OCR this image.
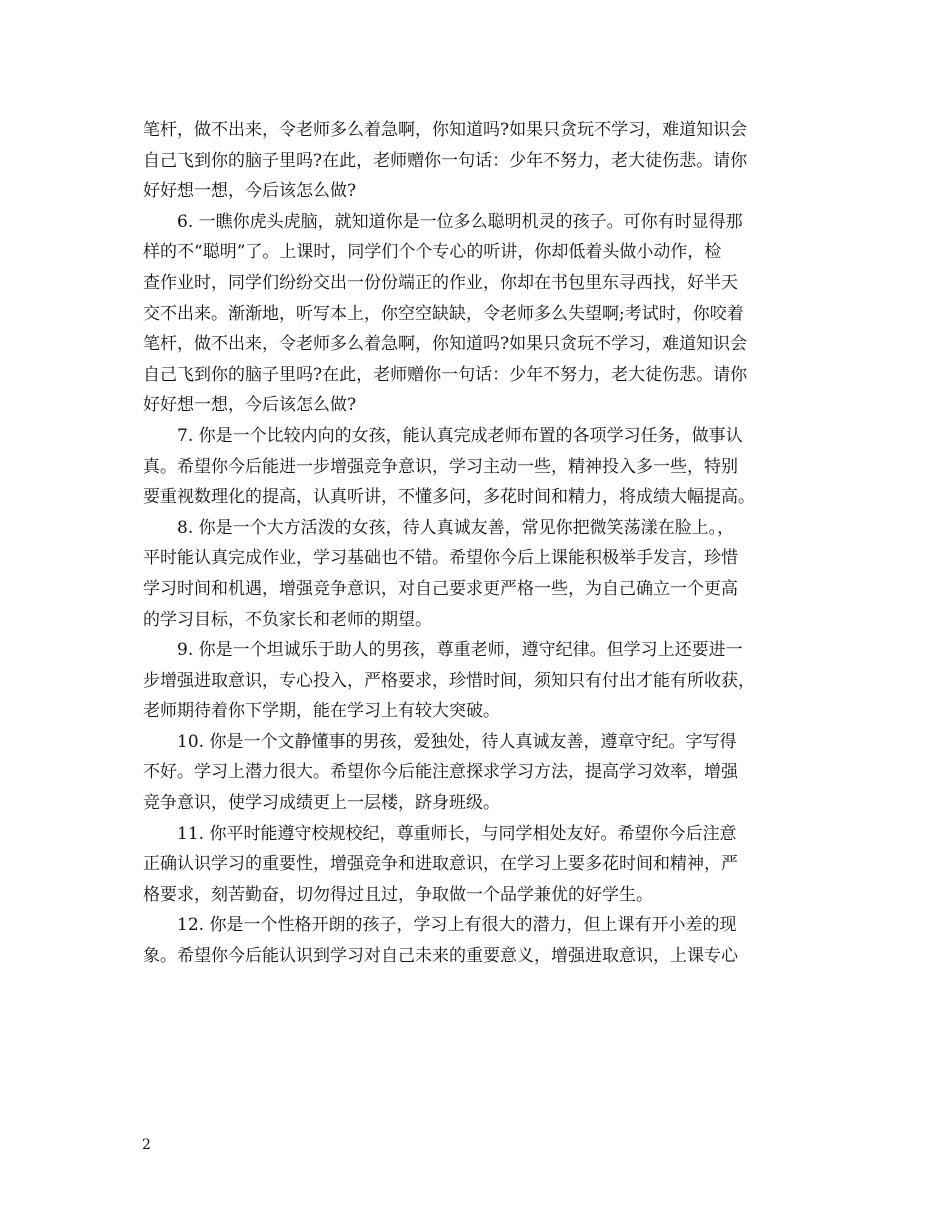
笔杆，做不出来，令老师多么着急啊，你知道吗?如果只贪玩不学习，难道知识会
自己飞到你的脑子里吗?在此，老师赠你一句话：少年不努力，老大徒伤悲。请你
好好想一想，今后该怎么做?
6. 一瞧你虎头虎脑，就知道你是一位多么聪明机灵的孩子。可你有时显得那
样的不“聪明”了。上课时，同学们个个专心的听讲，你却低着头做小动作，检
查作业时，同学们纷纷交出一份份端正的作业，你却在书包里东寻西找，好半天
交不出来。渐渐地，听写本上，你空空缺缺，令老师多么失望啊;考试时，你咬着
笔杆，做不出来，令老师多么着急啊，你知道吗?如果只贪玩不学习，难道知识会
自己飞到你的脑子里吗?在此，老师赠你一句话：少年不努力，老大徒伤悲。请你
好好想一想，今后该怎么做?
7. 你是一个比较内向的女孩，能认真完成老师布置的各项学习任务，做事认
真。希望你今后能进一步增强竞争意识，学习主动一些，精神投入多一些，特别
要重视数理化的提高，认真听讲，不懂多问，多花时间和精力，将成绩大幅提高。
8. 你是一个大方活泼的女孩，待人真诚友善，常见你把微笑荡漾在脸上。，
平时能认真完成作业，学习基础也不错。希望你今后上课能积极举手发言，珍惜
学习时间和机遇，增强竞争意识，对自己要求更严格一些，为自己确立一个更高
的学习目标，不负家长和老师的期望。
9. 你是一个坦诚乐于助人的男孩，尊重老师，遵守纪律。但学习上还要进一
步增强进取意识，专心投入，严格要求，珍惜时间，须知只有付出才能有所收获，
老师期待着你下学期，能在学习上有较大突破。
10. 你是一个文静懂事的男孩，爱独处，待人真诚友善，遵章守纪。字写得
不好。学习上潜力很大。希望你今后能注意探求学习方法，提高学习效率，增强
竞争意识，使学习成绩更上一层楼，跻身班级。
11. 你平时能遵守校规校纪，尊重师长，与同学相处友好。希望你今后注意
正确认识学习的重要性，增强竞争和进取意识，在学习上要多花时间和精神，严
格要求，刻苦勤奋，切勿得过且过，争取做一个品学兼优的好学生。
12. 你是一个性格开朗的孩子，学习上有很大的潜力，但上课有开小差的现
象。希望你今后能认识到学习对自己未来的重要意义，增强进取意识，上课专心
2
